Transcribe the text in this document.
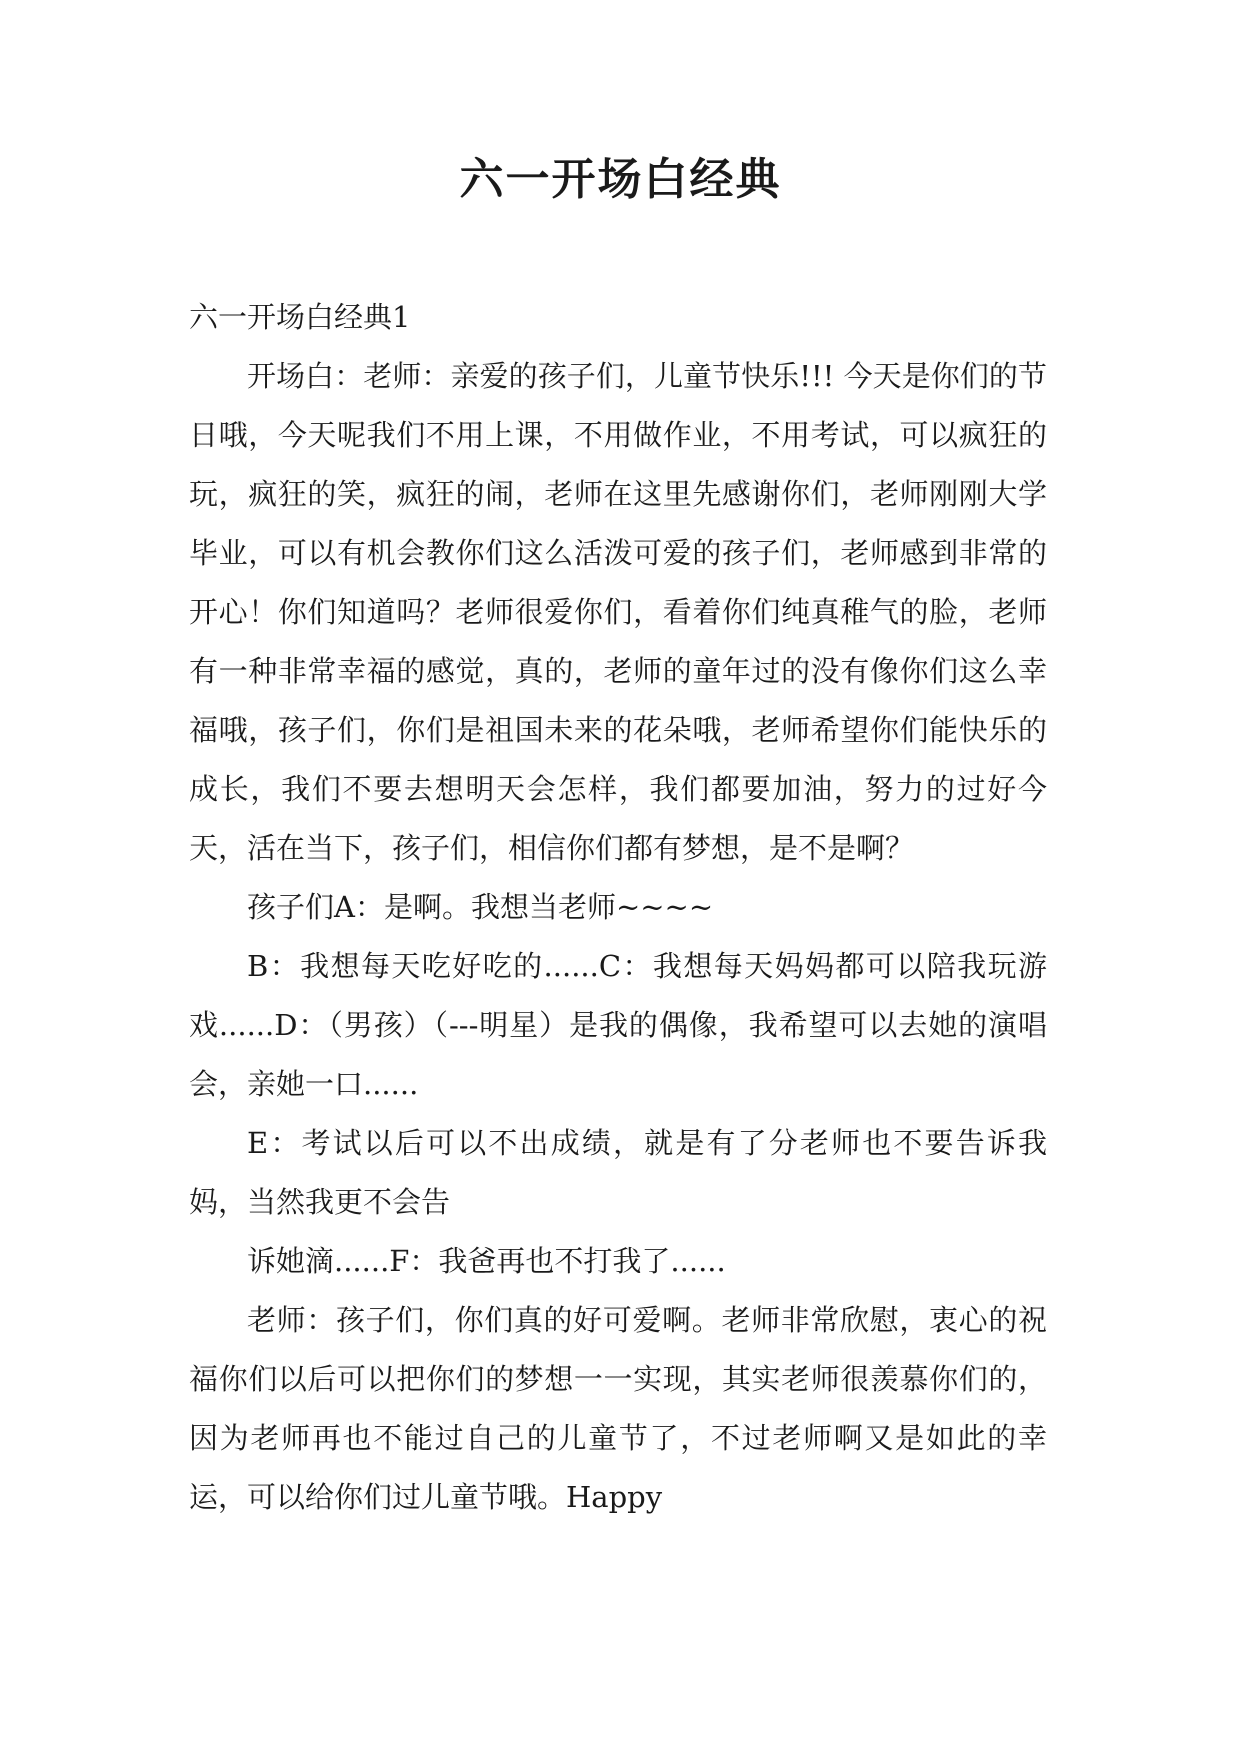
六一开场白经典

六一开场白经典1

开场白：老师：亲爱的孩子们，儿童节快乐!!! 今天是你们的节日哦，今天呢我们不用上课，不用做作业，不用考试，可以疯狂的玩，疯狂的笑，疯狂的闹，老师在这里先感谢你们，老师刚刚大学毕业，可以有机会教你们这么活泼可爱的孩子们，老师感到非常的开心！你们知道吗？老师很爱你们，看着你们纯真稚气的脸，老师有一种非常幸福的感觉，真的，老师的童年过的没有像你们这么幸福哦，孩子们，你们是祖国未来的花朵哦，老师希望你们能快乐的成长，我们不要去想明天会怎样，我们都要加油，努力的过好今天，活在当下，孩子们，相信你们都有梦想，是不是啊？

孩子们A：是啊。我想当老师~~~~

B：我想每天吃好吃的......C：我想每天妈妈都可以陪我玩游戏......D：（男孩）（---明星）是我的偶像，我希望可以去她的演唱会，亲她一口......

E：考试以后可以不出成绩，就是有了分老师也不要告诉我妈，当然我更不会告

诉她滴......F：我爸再也不打我了......

老师：孩子们，你们真的好可爱啊。老师非常欣慰，衷心的祝福你们以后可以把你们的梦想一一实现，其实老师很羡慕你们的，因为老师再也不能过自己的儿童节了，不过老师啊又是如此的幸运，可以给你们过儿童节哦。Happy
